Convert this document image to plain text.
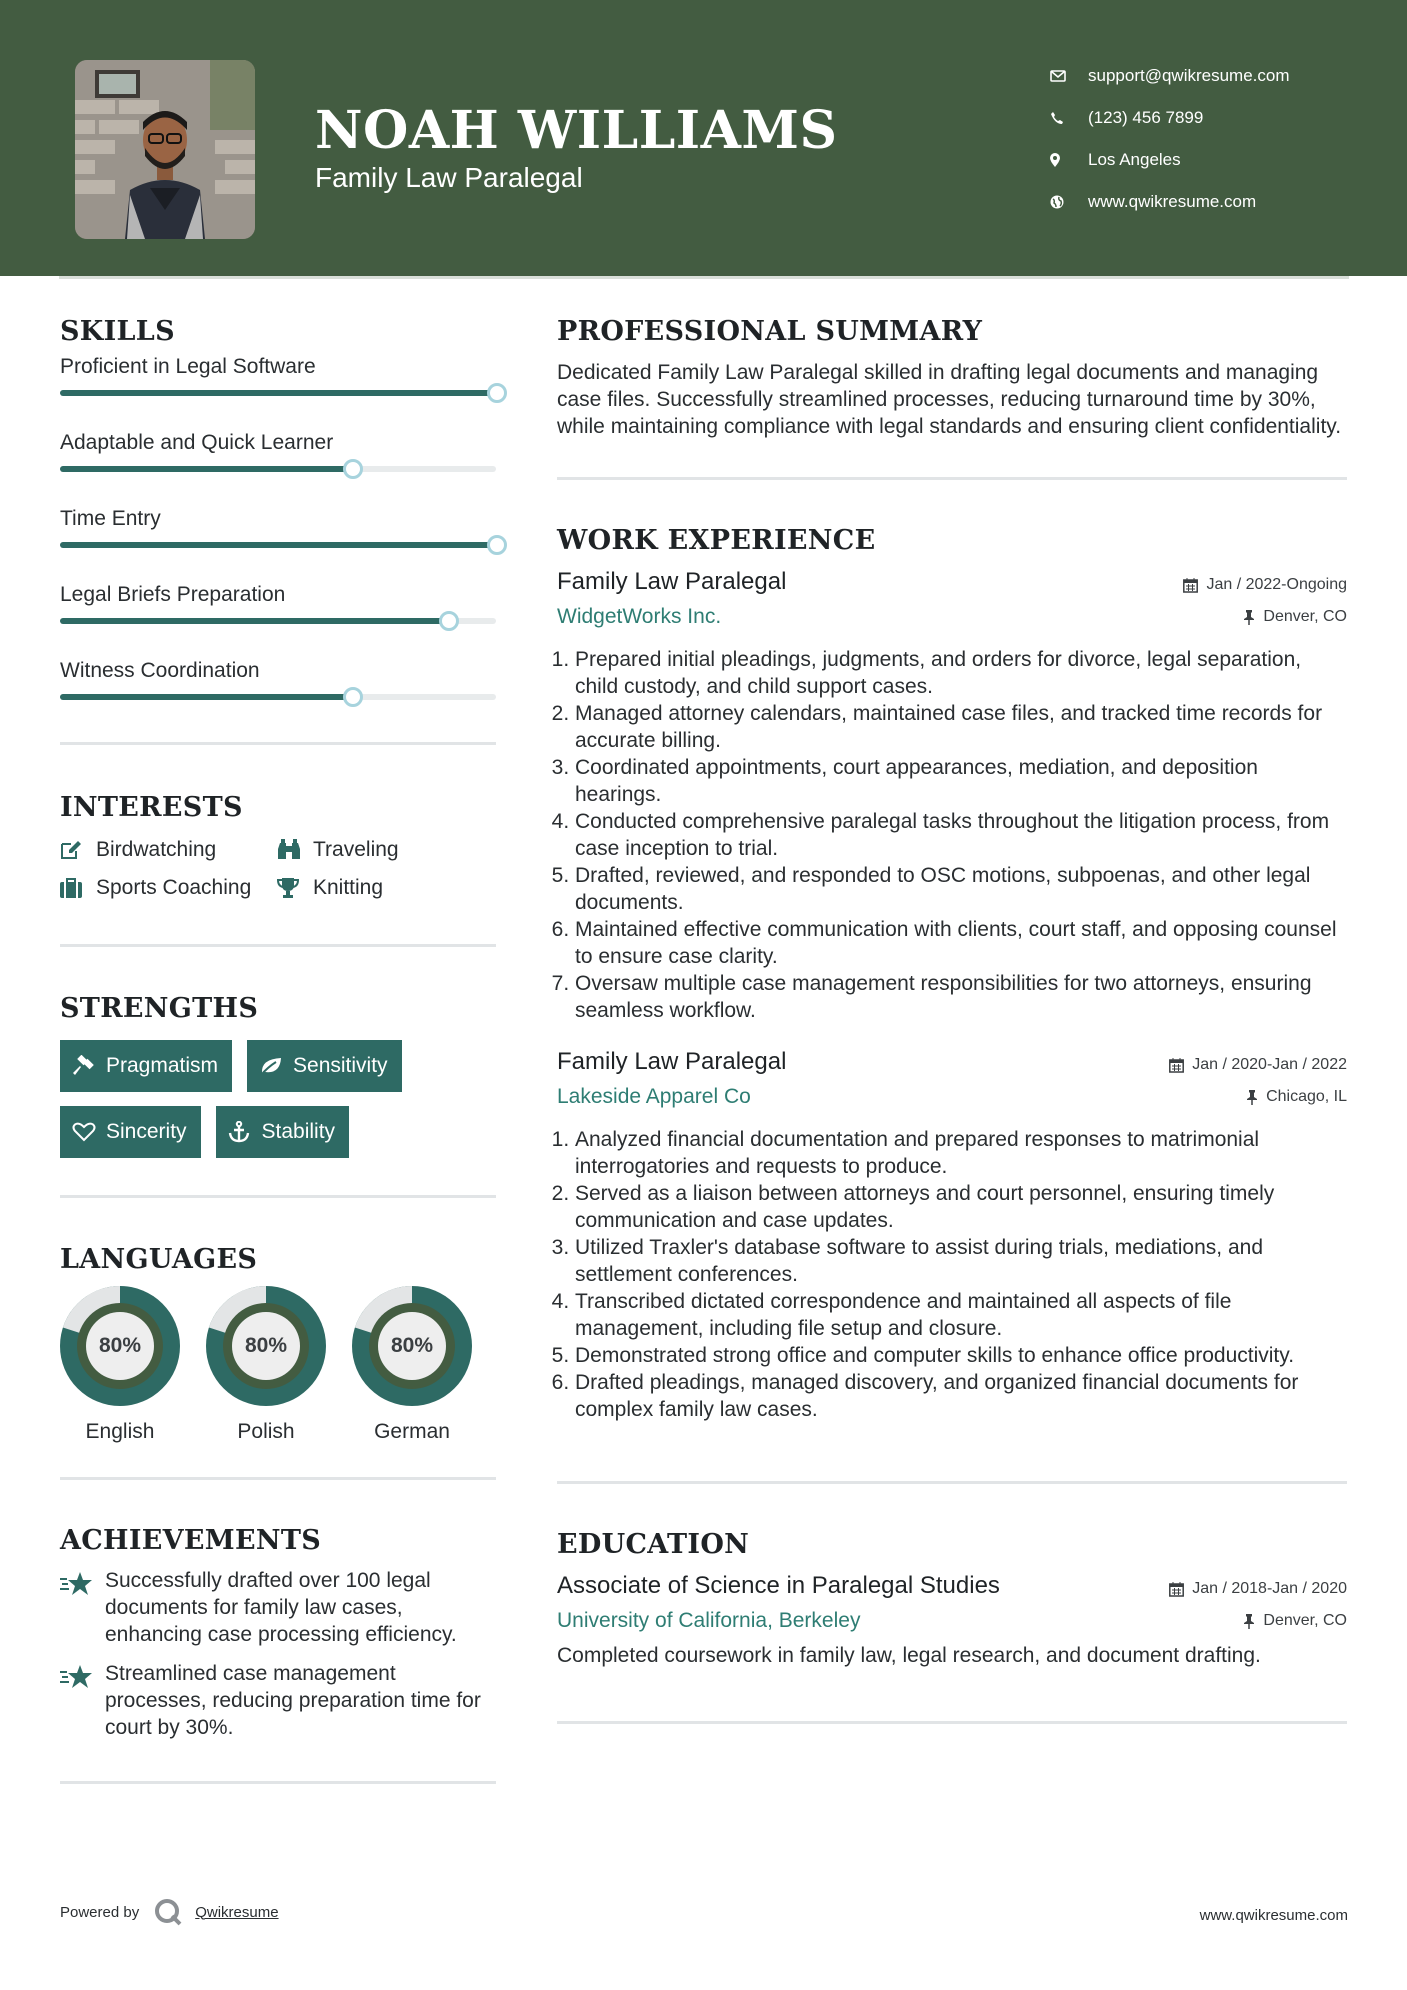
NOAH WILLIAMS
Family Law Paralegal
support@qwikresume.com
(123) 456 7899
Los Angeles
www.qwikresume.com
SKILLS
Proficient in Legal Software
Adaptable and Quick Learner
Time Entry
Legal Briefs Preparation
Witness Coordination
INTERESTS
Birdwatching	Traveling
Sports Coaching	Knitting
STRENGTHS
Pragmatism	Sensitivity
Sincerity	Stability
LANGUAGES
80%
English
80%
Polish
80%
German
ACHIEVEMENTS
Successfully drafted over 100 legal documents for family law cases, enhancing case processing efficiency.
Streamlined case management processes, reducing preparation time for court by 30%.
PROFESSIONAL SUMMARY

Dedicated Family Law Paralegal skilled in drafting legal documents and managing case files. Successfully streamlined processes, reducing turnaround time by 30%, while maintaining compliance with legal standards and ensuring client confidentiality.

WORK EXPERIENCE
Family Law Paralegal
WidgetWorks Inc.
Jan / 2022-Ongoing
Denver, CO
1. Prepared initial pleadings, judgments, and orders for divorce, legal separation, child custody, and child support cases.
2. Managed attorney calendars, maintained case files, and tracked time records for accurate billing.
3. Coordinated appointments, court appearances, mediation, and deposition hearings.
4. Conducted comprehensive paralegal tasks throughout the litigation process, from case inception to trial.
5. Drafted, reviewed, and responded to OSC motions, subpoenas, and other legal documents.
6. Maintained effective communication with clients, court staff, and opposing counsel to ensure case clarity.
7. Oversaw multiple case management responsibilities for two attorneys, ensuring seamless workflow.
Family Law Paralegal
Lakeside Apparel Co
Jan / 2020-Jan / 2022
Chicago, IL
1. Analyzed financial documentation and prepared responses to matrimonial interrogatories and requests to produce.
2. Served as a liaison between attorneys and court personnel, ensuring timely communication and case updates.
3. Utilized Traxler's database software to assist during trials, mediations, and settlement conferences.
4. Transcribed dictated correspondence and maintained all aspects of file management, including file setup and closure.
5. Demonstrated strong office and computer skills to enhance office productivity.
6. Drafted pleadings, managed discovery, and organized financial documents for complex family law cases.
EDUCATION
Associate of Science in Paralegal Studies
University of California, Berkeley
Jan / 2018-Jan / 2020
Denver, CO

Completed coursework in family law, legal research, and document drafting.

Powered by	Qwikresume	www.qwikresume.com
